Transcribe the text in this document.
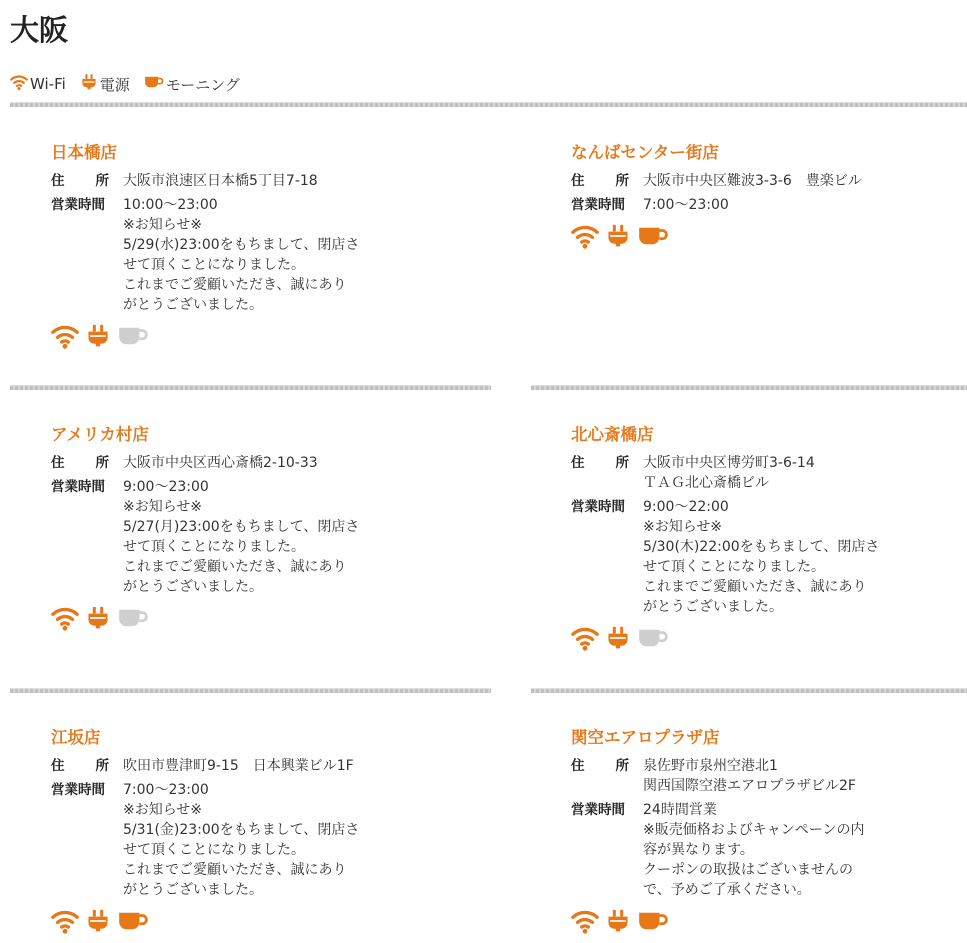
大阪
Wi-Fi 電源 モーニング
日本橋店
住 所 大阪市浪速区日本橋5丁目7-18
営業時間	10:00～23:00
※お知らせ※
5/29(水)23:00をもちまして、閉店さ
せて頂くことになりました。
これまでご愛顧いただき、誠にあり
がとうございました。
なんばセンター街店
住 所 大阪市中央区難波3-3-6　豊楽ビル
営業時間	7:00～23:00
アメリカ村店
住 所 大阪市中央区西心斎橋2-10-33
営業時間	9:00～23:00
※お知らせ※
5/27(月)23:00をもちまして、閉店さ
せて頂くことになりました。
これまでご愛顧いただき、誠にあり
がとうございました。
北心斎橋店
住 所 大阪市中央区博労町3-6-14
ＴＡＧ北心斎橋ビル
営業時間	9:00～22:00
※お知らせ※
5/30(木)22:00をもちまして、閉店さ
せて頂くことになりました。
これまでご愛顧いただき、誠にあり
がとうございました。
江坂店
住 所 吹田市豊津町9-15　日本興業ビル1F
営業時間	7:00～23:00
※お知らせ※
5/31(金)23:00をもちまして、閉店さ
せて頂くことになりました。
これまでご愛顧いただき、誠にあり
がとうございました。
関空エアロプラザ店
住 所 泉佐野市泉州空港北1
関西国際空港エアロプラザビル2F
営業時間	24時間営業
※販売価格およびキャンペーンの内
容が異なります。
クーポンの取扱はございませんの
で、予めご了承ください。
